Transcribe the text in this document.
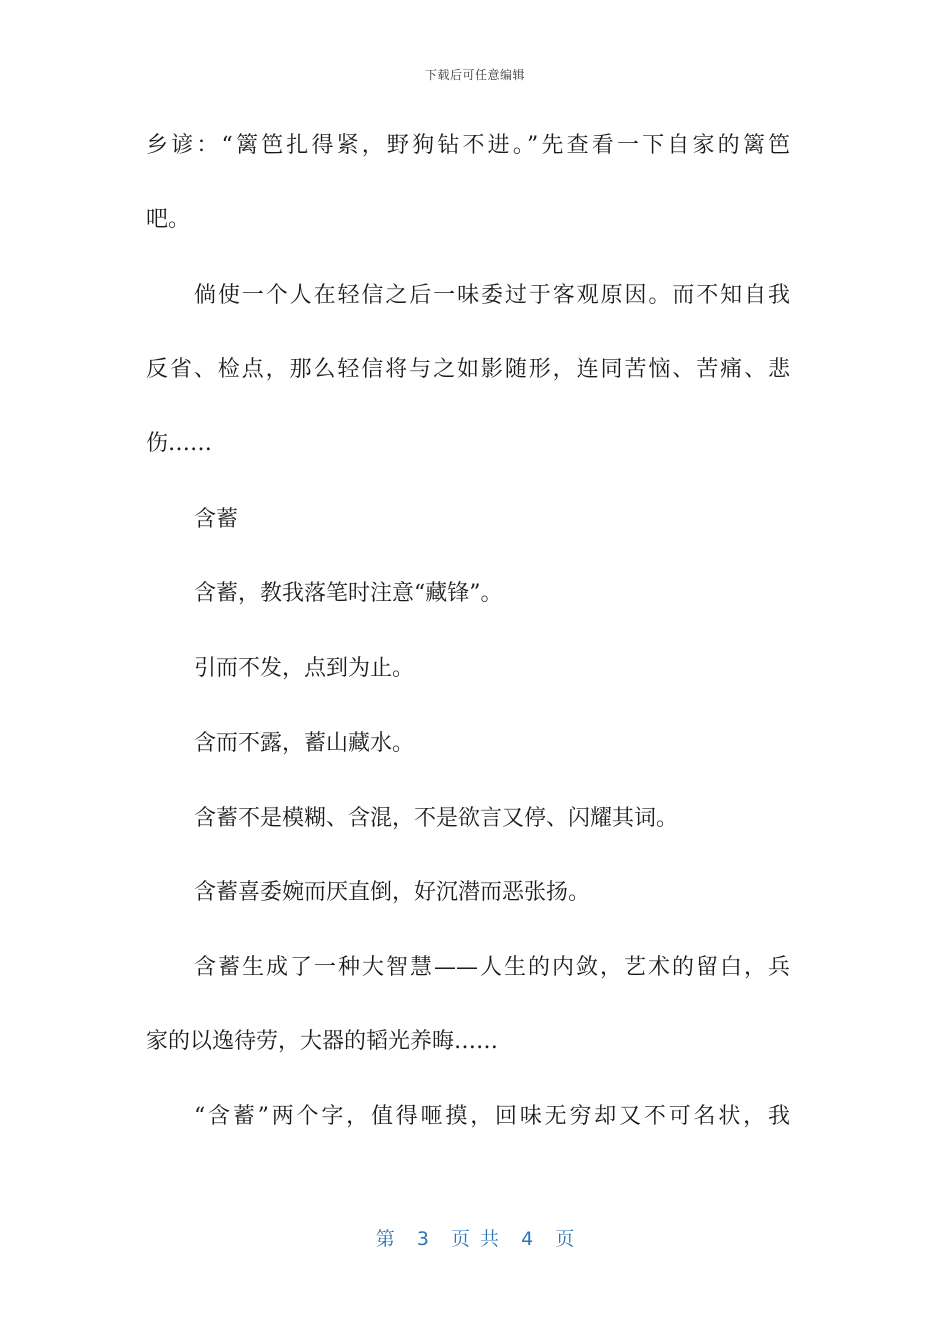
下载后可任意编辑
乡谚：“篱笆扎得紧，野狗钻不进。”先查看一下自家的篱笆
吧。
倘使一个人在轻信之后一味委过于客观原因。而不知自我
反省、检点，那么轻信将与之如影随形，连同苦恼、苦痛、悲
伤……
含蓄
含蓄，教我落笔时注意“藏锋”。
引而不发，点到为止。
含而不露，蓄山藏水。
含蓄不是模糊、含混，不是欲言又停、闪耀其词。
含蓄喜委婉而厌直倒，好沉潜而恶张扬。
含蓄生成了一种大智慧——人生的内敛，艺术的留白，兵
家的以逸待劳，大器的韬光养晦……
“含蓄”两个字，值得咂摸，回味无穷却又不可名状，我
第 3 页 共 4 页
